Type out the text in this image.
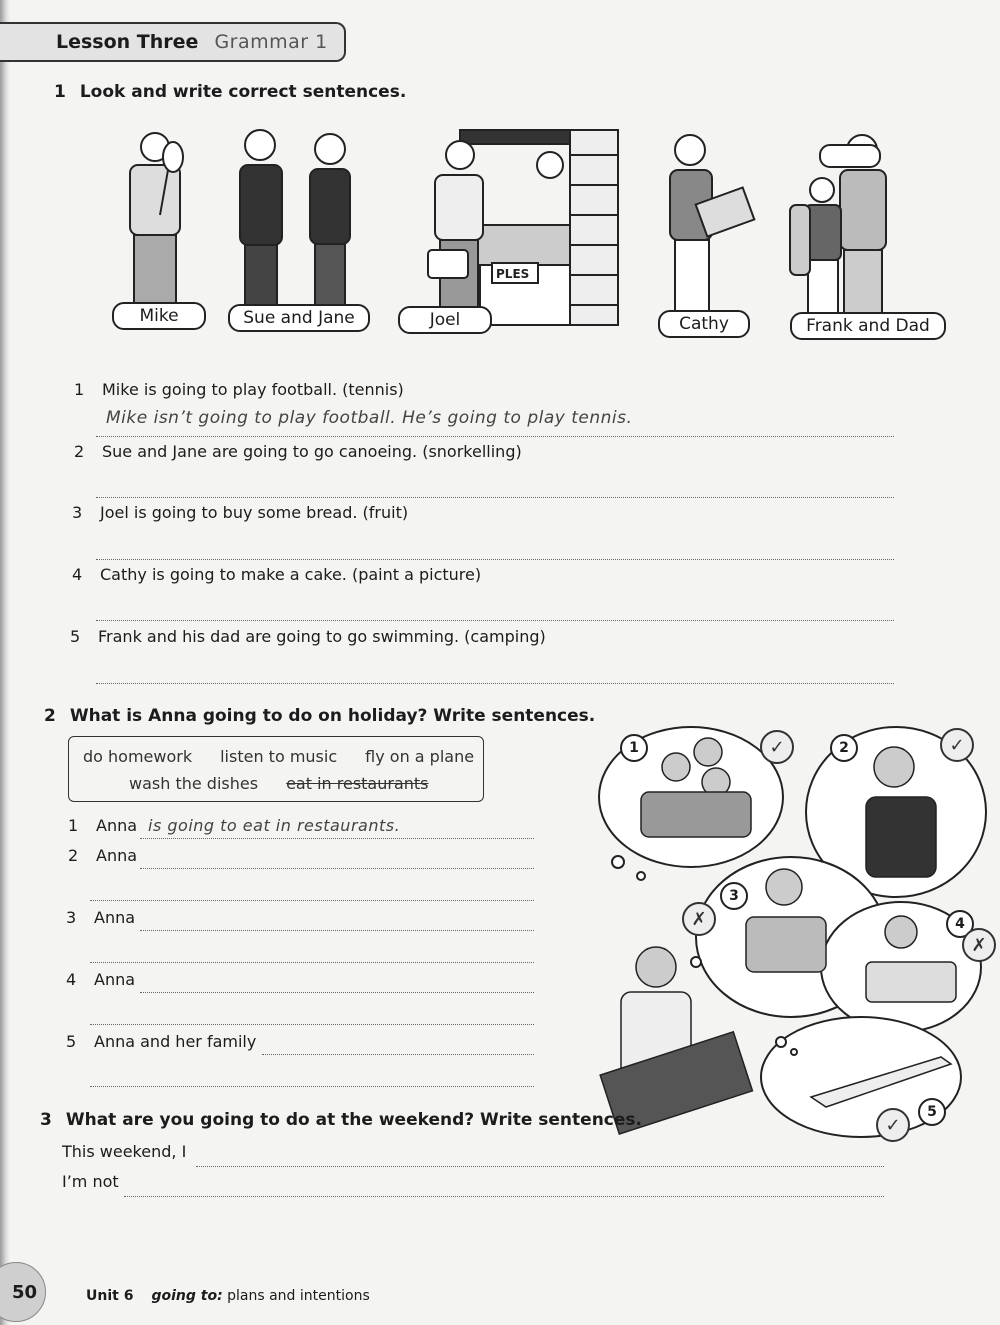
Lesson Three Grammar 1
1 Look and write correct sentences.
PLES
Mike	Sue and Jane	Joel	Cathy	Frank and Dad
1 Mike is going to play football. (tennis)
Mike isn’t going to play football. He’s going to play tennis.
2 Sue and Jane are going to go canoeing. (snorkelling)
3 Joel is going to buy some bread. (fruit)
4 Cathy is going to make a cake. (paint a picture)
5 Frank and his dad are going to go swimming. (camping)
2 What is Anna going to do on holiday? Write sentences.
do homework listen to music fly on a plane
wash the dishes eat in restaurants
1 Anna is going to eat in restaurants.
2 Anna
3 Anna
4 Anna
5 Anna and her family
1	2
3
4
5
✓	✓
✗
✗
✓
3 What are you going to do at the weekend? Write sentences.
This weekend, I
I’m not
50	Unit 6 going to: plans and intentions
